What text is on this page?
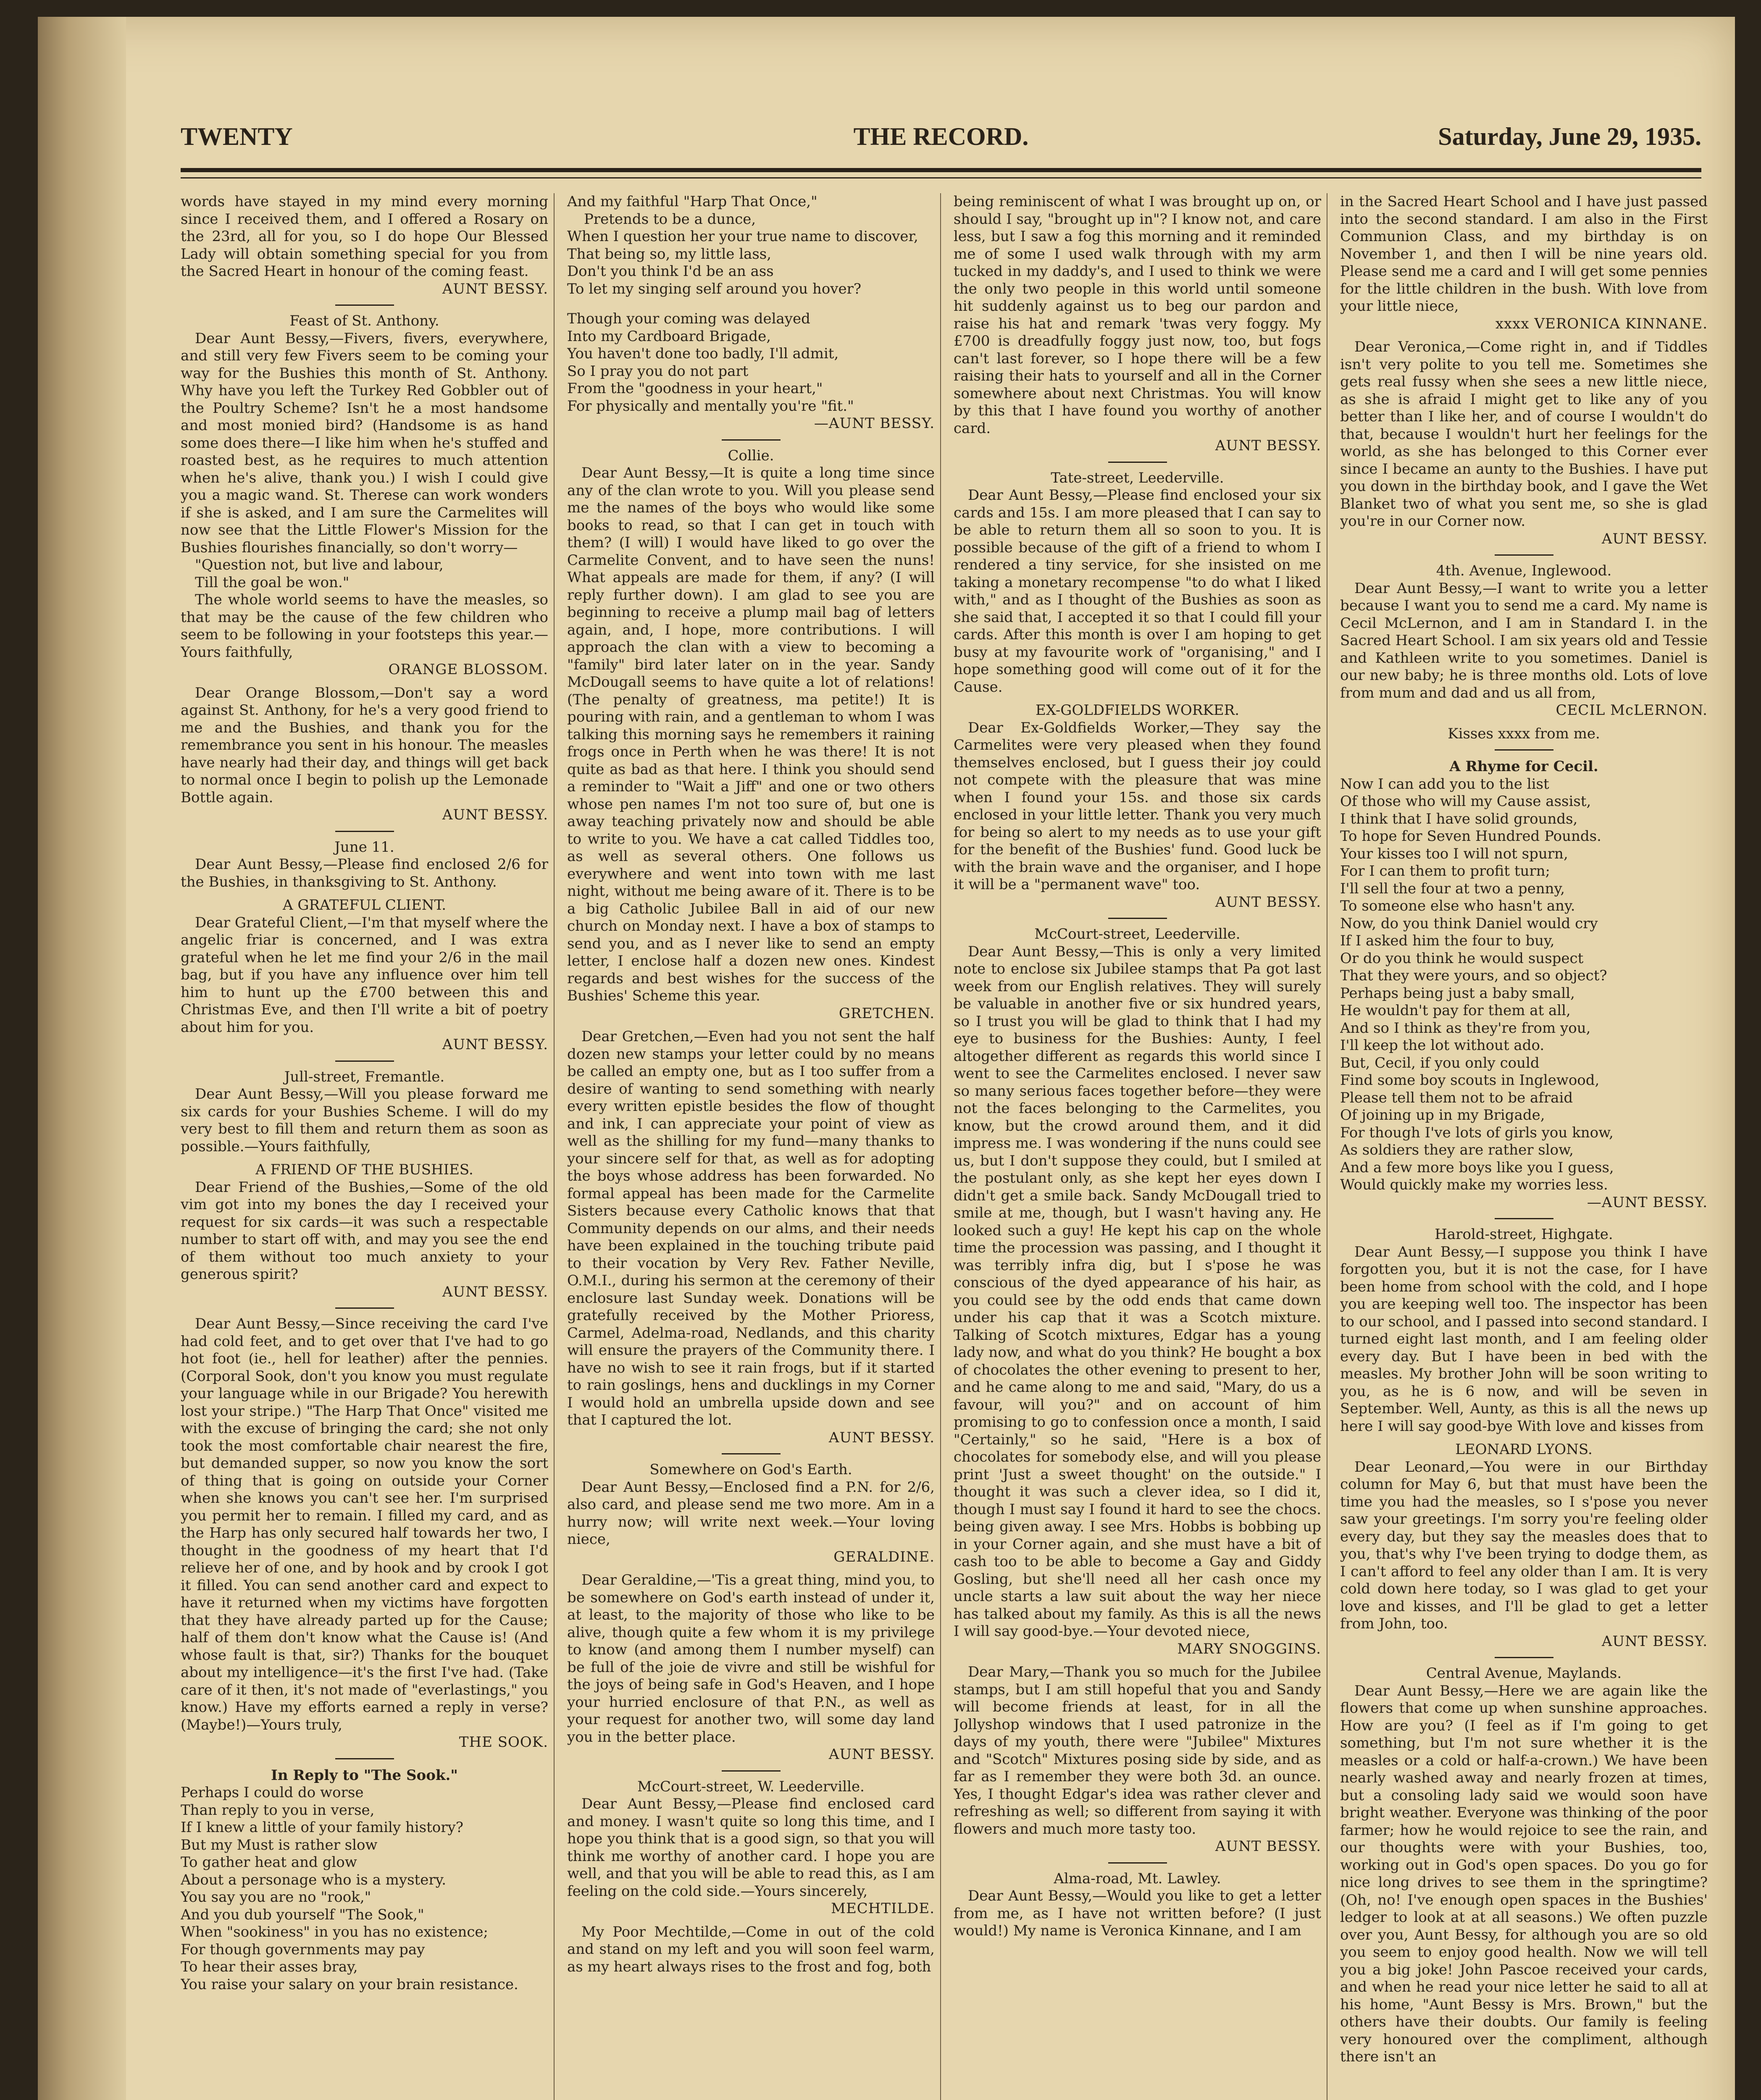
TWENTY	THE RECORD.	Saturday, June 29, 1935.

words have stayed in my mind every morning since I received them, and I offered a Rosary on the 23rd, all for you, so I do hope Our Blessed Lady will obtain something special for you from the Sacred Heart in honour of the coming feast.

AUNT BESSY.

Feast of St. Anthony.

Dear Aunt Bessy,—Fivers, fivers, everywhere, and still very few Fivers seem to be coming your way for the Bushies this month of St. Anthony. Why have you left the Turkey Red Gobbler out of the Poultry Scheme? Isn't he a most handsome and most monied bird? (Handsome is as hand some does there—I like him when he's stuffed and roasted best, as he requires to much attention when he's alive, thank you.) I wish I could give you a magic wand. St. Therese can work wonders if she is asked, and I am sure the Carmelites will now see that the Little Flower's Mission for the Bushies flourishes financially, so don't worry—

"Question not, but live and labour,

Till the goal be won."

The whole world seems to have the measles, so that may be the cause of the few children who seem to be following in your footsteps this year.—Yours faithfully,

ORANGE BLOSSOM.

Dear Orange Blossom,—Don't say a word against St. Anthony, for he's a very good friend to me and the Bushies, and thank you for the remembrance you sent in his honour. The measles have nearly had their day, and things will get back to normal once I begin to polish up the Lemonade Bottle again.

AUNT BESSY.

June 11.

Dear Aunt Bessy,—Please find enclosed 2/6 for the Bushies, in thanksgiving to St. Anthony.

A GRATEFUL CLIENT.

Dear Grateful Client,—I'm that myself where the angelic friar is concerned, and I was extra grateful when he let me find your 2/6 in the mail bag, but if you have any influence over him tell him to hunt up the £700 between this and Christmas Eve, and then I'll write a bit of poetry about him for you.

AUNT BESSY.

Jull-street, Fremantle.

Dear Aunt Bessy,—Will you please forward me six cards for your Bushies Scheme. I will do my very best to fill them and return them as soon as possible.—Yours faithfully,

A FRIEND OF THE BUSHIES.

Dear Friend of the Bushies,—Some of the old vim got into my bones the day I received your request for six cards—it was such a respectable number to start off with, and may you see the end of them without too much anxiety to your generous spirit?

AUNT BESSY.

Dear Aunt Bessy,—Since receiving the card I've had cold feet, and to get over that I've had to go hot foot (ie., hell for leather) after the pennies. (Corporal Sook, don't you know you must regulate your language while in our Brigade? You herewith lost your stripe.) "The Harp That Once" visited me with the excuse of bringing the card; she not only took the most comfortable chair nearest the fire, but demanded supper, so now you know the sort of thing that is going on outside your Corner when she knows you can't see her. I'm surprised you permit her to remain. I filled my card, and as the Harp has only secured half towards her two, I thought in the goodness of my heart that I'd relieve her of one, and by hook and by crook I got it filled. You can send another card and expect to have it returned when my victims have forgotten that they have already parted up for the Cause; half of them don't know what the Cause is! (And whose fault is that, sir?) Thanks for the bouquet about my intelligence—it's the first I've had. (Take care of it then, it's not made of "everlastings," you know.) Have my efforts earned a reply in verse? (Maybe!)—Yours truly,

THE SOOK.

In Reply to "The Sook."

Perhaps I could do worse
Than reply to you in verse,
If I knew a little of your family history?
But my Must is rather slow
To gather heat and glow
About a personage who is a mystery.
You say you are no "rook,"
And you dub yourself "The Sook,"
When "sookiness" in you has no existence;
For though governments may pay
To hear their asses bray,
You raise your salary on your brain resistance.
And my faithful "Harp That Once,"
Pretends to be a dunce,
When I question her your true name to discover,
That being so, my little lass,
Don't you think I'd be an ass
To let my singing self around you hover?
Though your coming was delayed
Into my Cardboard Brigade,
You haven't done too badly, I'll admit,
So I pray you do not part
From the "goodness in your heart,"
For physically and mentally you're "fit."

—AUNT BESSY.

Collie.

Dear Aunt Bessy,—It is quite a long time since any of the clan wrote to you. Will you please send me the names of the boys who would like some books to read, so that I can get in touch with them? (I will) I would have liked to go over the Carmelite Convent, and to have seen the nuns! What appeals are made for them, if any? (I will reply further down). I am glad to see you are beginning to receive a plump mail bag of letters again, and, I hope, more contributions. I will approach the clan with a view to becoming a "family" bird later later on in the year. Sandy McDougall seems to have quite a lot of relations! (The penalty of greatness, ma petite!) It is pouring with rain, and a gentleman to whom I was talking this morning says he remembers it raining frogs once in Perth when he was there! It is not quite as bad as that here. I think you should send a reminder to "Wait a Jiff" and one or two others whose pen names I'm not too sure of, but one is away teaching privately now and should be able to write to you. We have a cat called Tiddles too, as well as several others. One follows us everywhere and went into town with me last night, without me being aware of it. There is to be a big Catholic Jubilee Ball in aid of our new church on Monday next. I have a box of stamps to send you, and as I never like to send an empty letter, I enclose half a dozen new ones. Kindest regards and best wishes for the success of the Bushies' Scheme this year.

GRETCHEN.

Dear Gretchen,—Even had you not sent the half dozen new stamps your letter could by no means be called an empty one, but as I too suffer from a desire of wanting to send something with nearly every written epistle besides the flow of thought and ink, I can appreciate your point of view as well as the shilling for my fund—many thanks to your sincere self for that, as well as for adopting the boys whose address has been forwarded. No formal appeal has been made for the Carmelite Sisters because every Catholic knows that that Community depends on our alms, and their needs have been explained in the touching tribute paid to their vocation by Very Rev. Father Neville, O.M.I., during his sermon at the ceremony of their enclosure last Sunday week. Donations will be gratefully received by the Mother Prioress, Carmel, Adelma-road, Nedlands, and this charity will ensure the prayers of the Community there. I have no wish to see it rain frogs, but if it started to rain goslings, hens and ducklings in my Corner I would hold an umbrella upside down and see that I captured the lot.

AUNT BESSY.

Somewhere on God's Earth.

Dear Aunt Bessy,—Enclosed find a P.N. for 2/6, also card, and please send me two more. Am in a hurry now; will write next week.—Your loving niece,

GERALDINE.

Dear Geraldine,—'Tis a great thing, mind you, to be somewhere on God's earth instead of under it, at least, to the majority of those who like to be alive, though quite a few whom it is my privilege to know (and among them I number myself) can be full of the joie de vivre and still be wishful for the joys of being safe in God's Heaven, and I hope your hurried enclosure of that P.N., as well as your request for another two, will some day land you in the better place.

AUNT BESSY.

McCourt-street, W. Leederville.

Dear Aunt Bessy,—Please find enclosed card and money. I wasn't quite so long this time, and I hope you think that is a good sign, so that you will think me worthy of another card. I hope you are well, and that you will be able to read this, as I am feeling on the cold side.—Yours sincerely,

MECHTILDE.

My Poor Mechtilde,—Come in out of the cold and stand on my left and you will soon feel warm, as my heart always rises to the frost and fog, both

being reminiscent of what I was brought up on, or should I say, "brought up in"? I know not, and care less, but I saw a fog this morning and it reminded me of some I used walk through with my arm tucked in my daddy's, and I used to think we were the only two people in this world until someone hit suddenly against us to beg our pardon and raise his hat and remark 'twas very foggy. My £700 is dreadfully foggy just now, too, but fogs can't last forever, so I hope there will be a few raising their hats to yourself and all in the Corner somewhere about next Christmas. You will know by this that I have found you worthy of another card.

AUNT BESSY.

Tate-street, Leederville.

Dear Aunt Bessy,—Please find enclosed your six cards and 15s. I am more pleased that I can say to be able to return them all so soon to you. It is possible because of the gift of a friend to whom I rendered a tiny service, for she insisted on me taking a monetary recompense "to do what I liked with," and as I thought of the Bushies as soon as she said that, I accepted it so that I could fill your cards. After this month is over I am hoping to get busy at my favourite work of "organising," and I hope something good will come out of it for the Cause.

EX-GOLDFIELDS WORKER.

Dear Ex-Goldfields Worker,—They say the Carmelites were very pleased when they found themselves enclosed, but I guess their joy could not compete with the pleasure that was mine when I found your 15s. and those six cards enclosed in your little letter. Thank you very much for being so alert to my needs as to use your gift for the benefit of the Bushies' fund. Good luck be with the brain wave and the organiser, and I hope it will be a "permanent wave" too.

AUNT BESSY.

McCourt-street, Leederville.

Dear Aunt Bessy,—This is only a very limited note to enclose six Jubilee stamps that Pa got last week from our English relatives. They will surely be valuable in another five or six hundred years, so I trust you will be glad to think that I had my eye to business for the Bushies: Aunty, I feel altogether different as regards this world since I went to see the Carmelites enclosed. I never saw so many serious faces together before—they were not the faces belonging to the Carmelites, you know, but the crowd around them, and it did impress me. I was wondering if the nuns could see us, but I don't suppose they could, but I smiled at the postulant only, as she kept her eyes down I didn't get a smile back. Sandy McDougall tried to smile at me, though, but I wasn't having any. He looked such a guy! He kept his cap on the whole time the procession was passing, and I thought it was terribly infra dig, but I s'pose he was conscious of the dyed appearance of his hair, as you could see by the odd ends that came down under his cap that it was a Scotch mixture. Talking of Scotch mixtures, Edgar has a young lady now, and what do you think? He bought a box of chocolates the other evening to present to her, and he came along to me and said, "Mary, do us a favour, will you?" and on account of him promising to go to confession once a month, I said "Certainly," so he said, "Here is a box of chocolates for somebody else, and will you please print 'Just a sweet thought' on the outside." I thought it was such a clever idea, so I did it, though I must say I found it hard to see the chocs. being given away. I see Mrs. Hobbs is bobbing up in your Corner again, and she must have a bit of cash too to be able to become a Gay and Giddy Gosling, but she'll need all her cash once my uncle starts a law suit about the way her niece has talked about my family. As this is all the news I will say good-bye.—Your devoted niece,

MARY SNOGGINS.

Dear Mary,—Thank you so much for the Jubilee stamps, but I am still hopeful that you and Sandy will become friends at least, for in all the Jollyshop windows that I used patronize in the days of my youth, there were "Jubilee" Mixtures and "Scotch" Mixtures posing side by side, and as far as I remember they were both 3d. an ounce. Yes, I thought Edgar's idea was rather clever and refreshing as well; so different from saying it with flowers and much more tasty too.

AUNT BESSY.

Alma-road, Mt. Lawley.

Dear Aunt Bessy,—Would you like to get a letter from me, as I have not written before? (I just would!) My name is Veronica Kinnane, and I am

in the Sacred Heart School and I have just passed into the second standard. I am also in the First Communion Class, and my birthday is on November 1, and then I will be nine years old. Please send me a card and I will get some pennies for the little children in the bush. With love from your little niece,

xxxx VERONICA KINNANE.

Dear Veronica,—Come right in, and if Tiddles isn't very polite to you tell me. Sometimes she gets real fussy when she sees a new little niece, as she is afraid I might get to like any of you better than I like her, and of course I wouldn't do that, because I wouldn't hurt her feelings for the world, as she has belonged to this Corner ever since I became an aunty to the Bushies. I have put you down in the birthday book, and I gave the Wet Blanket two of what you sent me, so she is glad you're in our Corner now.

AUNT BESSY.

4th. Avenue, Inglewood.

Dear Aunt Bessy,—I want to write you a letter because I want you to send me a card. My name is Cecil McLernon, and I am in Standard I. in the Sacred Heart School. I am six years old and Tessie and Kathleen write to you sometimes. Daniel is our new baby; he is three months old. Lots of love from mum and dad and us all from,

CECIL McLERNON.

Kisses xxxx from me.

A Rhyme for Cecil.

Now I can add you to the list
Of those who will my Cause assist,
I think that I have solid grounds,
To hope for Seven Hundred Pounds.
Your kisses too I will not spurn,
For I can them to profit turn;
I'll sell the four at two a penny,
To someone else who hasn't any.
Now, do you think Daniel would cry
If I asked him the four to buy,
Or do you think he would suspect
That they were yours, and so object?
Perhaps being just a baby small,
He wouldn't pay for them at all,
And so I think as they're from you,
I'll keep the lot without ado.
But, Cecil, if you only could
Find some boy scouts in Inglewood,
Please tell them not to be afraid
Of joining up in my Brigade,
For though I've lots of girls you know,
As soldiers they are rather slow,
And a few more boys like you I guess,
Would quickly make my worries less.

—AUNT BESSY.

Harold-street, Highgate.

Dear Aunt Bessy,—I suppose you think I have forgotten you, but it is not the case, for I have been home from school with the cold, and I hope you are keeping well too. The inspector has been to our school, and I passed into second standard. I turned eight last month, and I am feeling older every day. But I have been in bed with the measles. My brother John will be soon writing to you, as he is 6 now, and will be seven in September. Well, Aunty, as this is all the news up here I will say good-bye With love and kisses from

LEONARD LYONS.

Dear Leonard,—You were in our Birthday column for May 6, but that must have been the time you had the measles, so I s'pose you never saw your greetings. I'm sorry you're feeling older every day, but they say the measles does that to you, that's why I've been trying to dodge them, as I can't afford to feel any older than I am. It is very cold down here today, so I was glad to get your love and kisses, and I'll be glad to get a letter from John, too.

AUNT BESSY.

Central Avenue, Maylands.

Dear Aunt Bessy,—Here we are again like the flowers that come up when sunshine approaches. How are you? (I feel as if I'm going to get something, but I'm not sure whether it is the measles or a cold or half-a-crown.) We have been nearly washed away and nearly frozen at times, but a consoling lady said we would soon have bright weather. Everyone was thinking of the poor farmer; how he would rejoice to see the rain, and our thoughts were with your Bushies, too, working out in God's open spaces. Do you go for nice long drives to see them in the springtime? (Oh, no! I've enough open spaces in the Bushies' ledger to look at at all seasons.) We often puzzle over you, Aunt Bessy, for although you are so old you seem to enjoy good health. Now we will tell you a big joke! John Pascoe received your cards, and when he read your nice letter he said to all at his home, "Aunt Bessy is Mrs. Brown," but the others have their doubts. Our family is feeling very honoured over the compliment, although there isn't an
